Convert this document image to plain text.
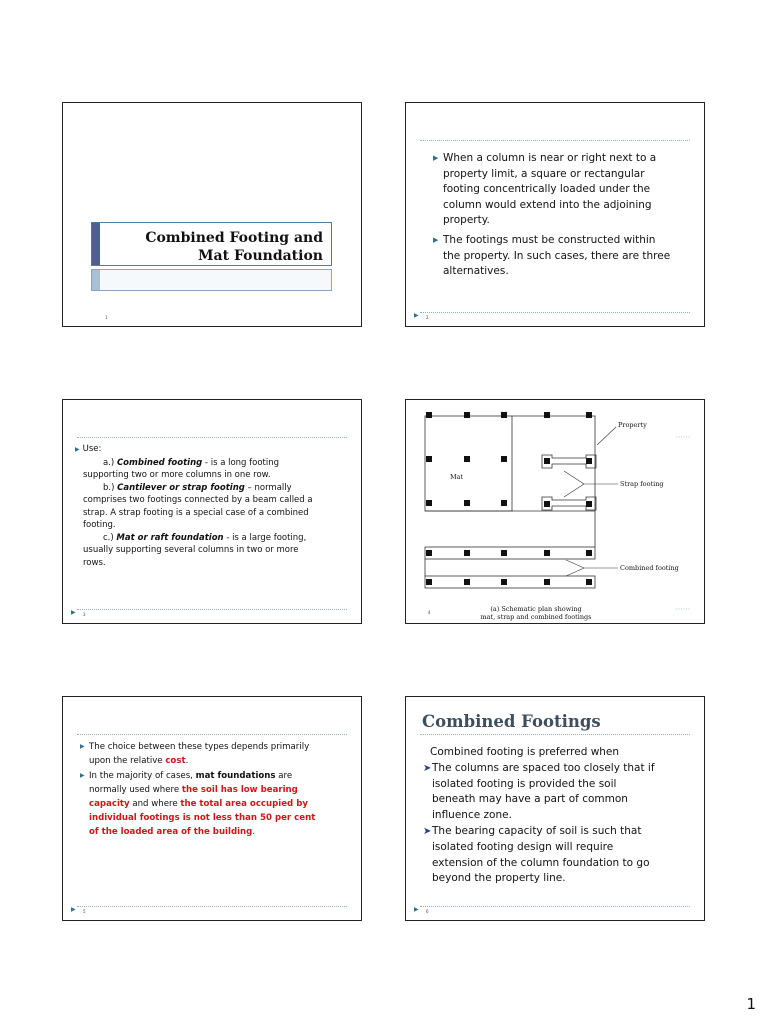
Combined Footing and
Mat Foundation
1
▶ When a column is near or right next to a
property limit, a square or rectangular
footing concentrically loaded under the
column would extend into the adjoining
property.
▶ The footings must be constructed within
the property. In such cases, there are three
alternatives.
▶ 2

▶ Use:

a.) Combined footing - is a long footing

supporting two or more columns in one row.

b.) Cantilever or strap footing – normally

comprises two footings connected by a beam called a

strap. A strap footing is a special case of a combined

footing.

c.) Mat or raft foundation - is a large footing,

usually supporting several columns in two or more

rows.

▶ 3
Property
Mat
Strap footing
Combined footing
(a) Schematic plan showing
mat, strap and combined footings
4
▶ The choice between these types depends primarily
upon the relative cost.
▶ In the majority of cases, mat foundations are
normally used where the soil has low bearing
capacity and where the total area occupied by
individual footings is not less than 50 per cent
of the loaded area of the building.
▶ 5
Combined Footings
Combined footing is preferred when
➤ The columns are spaced too closely that if
isolated footing is provided the soil
beneath may have a part of common
influence zone.
➤ The bearing capacity of soil is such that
isolated footing design will require
extension of the column foundation to go
beyond the property line.
▶ 6
1
